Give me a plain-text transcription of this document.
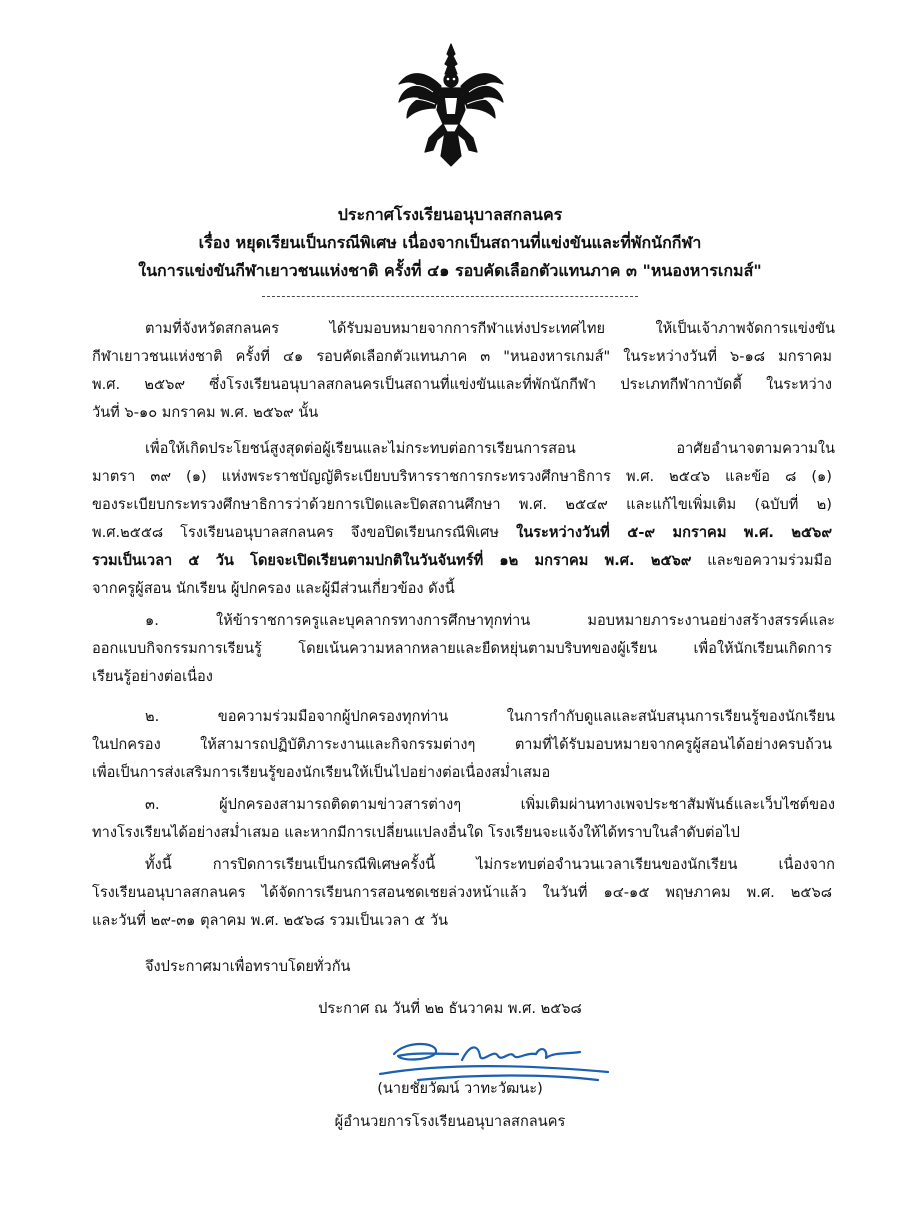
ประกาศโรงเรียนอนุบาลสกลนคร
เรื่อง หยุดเรียนเป็นกรณีพิเศษ เนื่องจากเป็นสถานที่แข่งขันและที่พักนักกีฬา
ในการแข่งขันกีฬาเยาวชนแห่งชาติ ครั้งที่ ๔๑ รอบคัดเลือกตัวแทนภาค ๓ "หนองหารเกมส์"
ตามที่จังหวัดสกลนคร ได้รับมอบหมายจากการกีฬาแห่งประเทศไทย ให้เป็นเจ้าภาพจัดการแข่งขัน
กีฬาเยาวชนแห่งชาติ ครั้งที่ ๔๑ รอบคัดเลือกตัวแทนภาค ๓ "หนองหารเกมส์" ในระหว่างวันที่ ๖-๑๘ มกราคม
พ.ศ. ๒๕๖๙ ซึ่งโรงเรียนอนุบาลสกลนครเป็นสถานที่แข่งขันและที่พักนักกีฬา ประเภทกีฬากาบัดดี้ ในระหว่าง
วันที่ ๖-๑๐ มกราคม พ.ศ. ๒๕๖๙ นั้น
เพื่อให้เกิดประโยชน์สูงสุดต่อผู้เรียนและไม่กระทบต่อการเรียนการสอน อาศัยอำนาจตามความใน
มาตรา ๓๙ (๑) แห่งพระราชบัญญัติระเบียบบริหารราชการกระทรวงศึกษาธิการ พ.ศ. ๒๕๔๖ และข้อ ๘ (๑)
ของระเบียบกระทรวงศึกษาธิการว่าด้วยการเปิดและปิดสถานศึกษา พ.ศ. ๒๕๔๙ และแก้ไขเพิ่มเติม (ฉบับที่ ๒)
พ.ศ.๒๕๕๘ โรงเรียนอนุบาลสกลนคร จึงขอปิดเรียนกรณีพิเศษ ในระหว่างวันที่ ๕-๙ มกราคม พ.ศ. ๒๕๖๙
รวมเป็นเวลา ๕ วัน โดยจะเปิดเรียนตามปกติในวันจันทร์ที่ ๑๒ มกราคม พ.ศ. ๒๕๖๙ และขอความร่วมมือ
จากครูผู้สอน นักเรียน ผู้ปกครอง และผู้มีส่วนเกี่ยวข้อง ดังนี้
๑. ให้ข้าราชการครูและบุคลากรทางการศึกษาทุกท่าน มอบหมายภาระงานอย่างสร้างสรรค์และ
ออกแบบกิจกรรมการเรียนรู้ โดยเน้นความหลากหลายและยืดหยุ่นตามบริบทของผู้เรียน เพื่อให้นักเรียนเกิดการ
เรียนรู้อย่างต่อเนื่อง
๒. ขอความร่วมมือจากผู้ปกครองทุกท่าน ในการกำกับดูแลและสนับสนุนการเรียนรู้ของนักเรียน
ในปกครอง ให้สามารถปฏิบัติภาระงานและกิจกรรมต่างๆ ตามที่ได้รับมอบหมายจากครูผู้สอนได้อย่างครบถ้วน
เพื่อเป็นการส่งเสริมการเรียนรู้ของนักเรียนให้เป็นไปอย่างต่อเนื่องสม่ำเสมอ
๓. ผู้ปกครองสามารถติดตามข่าวสารต่างๆ เพิ่มเติมผ่านทางเพจประชาสัมพันธ์และเว็บไซต์ของ
ทางโรงเรียนได้อย่างสม่ำเสมอ และหากมีการเปลี่ยนแปลงอื่นใด โรงเรียนจะแจ้งให้ได้ทราบในลำดับต่อไป
ทั้งนี้ การปิดการเรียนเป็นกรณีพิเศษครั้งนี้ ไม่กระทบต่อจำนวนเวลาเรียนของนักเรียน เนื่องจาก
โรงเรียนอนุบาลสกลนคร ได้จัดการเรียนการสอนชดเชยล่วงหน้าแล้ว ในวันที่ ๑๔-๑๕ พฤษภาคม พ.ศ. ๒๕๖๘
และวันที่ ๒๙-๓๑ ตุลาคม พ.ศ. ๒๕๖๘ รวมเป็นเวลา ๕ วัน
จึงประกาศมาเพื่อทราบโดยทั่วกัน
ประกาศ ณ วันที่ ๒๒ ธันวาคม พ.ศ. ๒๕๖๘
(นายชัยวัฒน์ วาทะวัฒนะ)
ผู้อำนวยการโรงเรียนอนุบาลสกลนคร
